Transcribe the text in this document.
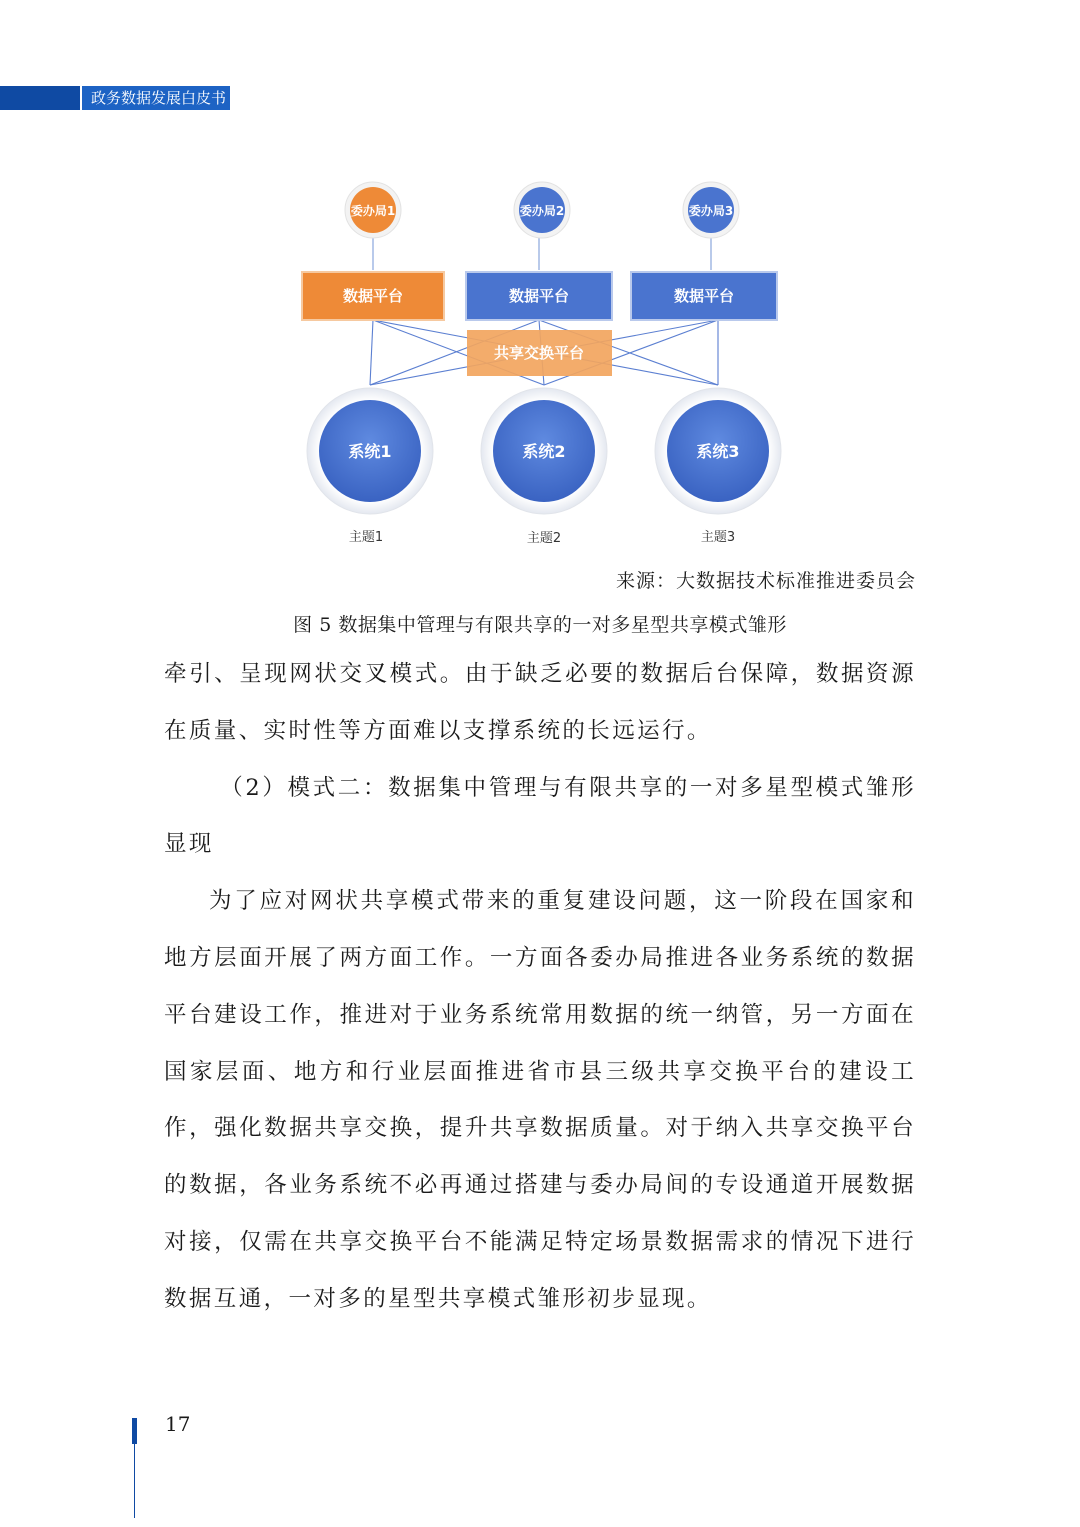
政务数据发展白皮书
委办局1	委办局2	委办局3
数据平台	数据平台	数据平台
共享交换平台
系统1	系统2	系统3
主题1	主题2	主题3
来源：大数据技术标准推进委员会
图 5 数据集中管理与有限共享的一对多星型共享模式雏形

牵引、呈现网状交叉模式。由于缺乏必要的数据后台保障，数据资源在质量、实时性等方面难以支撑系统的长远运行。

（2）模式二：数据集中管理与有限共享的一对多星型模式雏形显现

为了应对网状共享模式带来的重复建设问题，这一阶段在国家和地方层面开展了两方面工作。一方面各委办局推进各业务系统的数据平台建设工作，推进对于业务系统常用数据的统一纳管，另一方面在国家层面、地方和行业层面推进省市县三级共享交换平台的建设工作，强化数据共享交换，提升共享数据质量。对于纳入共享交换平台的数据，各业务系统不必再通过搭建与委办局间的专设通道开展数据对接，仅需在共享交换平台不能满足特定场景数据需求的情况下进行数据互通，一对多的星型共享模式雏形初步显现。

17
